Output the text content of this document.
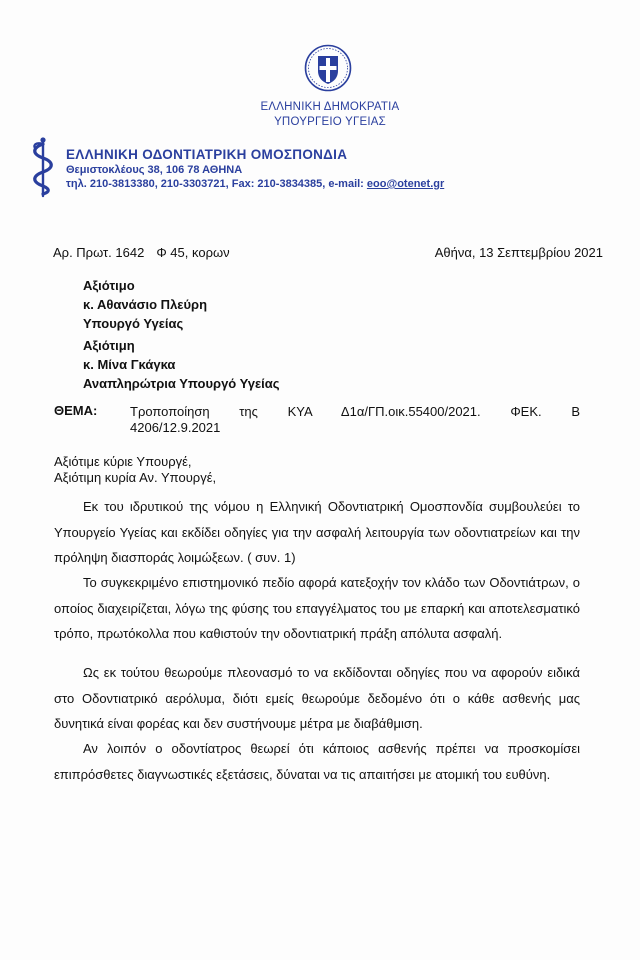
ΕΛΛΗΝΙΚΗ ΔΗΜΟΚΡΑΤΙΑ
ΥΠΟΥΡΓΕΙΟ ΥΓΕΙΑΣ
ΕΛΛΗΝΙΚΗ ΟΔΟΝΤΙΑΤΡΙΚΗ ΟΜΟΣΠΟΝΔΙΑ
Θεμιστοκλέους 38, 106 78 ΑΘΗΝΑ
τηλ. 210-3813380, 210-3303721, Fax: 210-3834385, e-mail: eoo@otenet.gr
Αρ. Πρωτ. 1642 Φ 45, κορων	Αθήνα, 13 Σεπτεμβρίου 2021
Αξιότιμο
κ. Αθανάσιο Πλεύρη
Υπουργό Υγείας
Αξιότιμη
κ. Μίνα Γκάγκα
Αναπληρώτρια Υπουργό Υγείας
ΘΕΜΑ:	Τροποποίηση της ΚΥΑ Δ1α/ΓΠ.οικ.55400/2021. ΦΕΚ. Β
4206/12.9.2021
Αξιότιμε κύριε Υπουργέ,
Αξιότιμη κυρία Αν. Υπουργέ,
Εκ του ιδρυτικού της νόμου η Ελληνική Οδοντιατρική Ομοσπονδία συμβουλεύει το Υπουργείο Υγείας και εκδίδει οδηγίες για την ασφαλή λειτουργία των οδοντιατρείων και την πρόληψη διασποράς λοιμώξεων. ( συν. 1)
Το συγκεκριμένο επιστημονικό πεδίο αφορά κατεξοχήν τον κλάδο των Οδοντιάτρων, ο οποίος διαχειρίζεται, λόγω της φύσης του επαγγέλματος του με επαρκή και αποτελεσματικό τρόπο, πρωτόκολλα που καθιστούν την οδοντιατρική πράξη απόλυτα ασφαλή.
Ως εκ τούτου θεωρούμε πλεονασμό το να εκδίδονται οδηγίες που να αφορούν ειδικά στο Οδοντιατρικό αερόλυμα, διότι εμείς θεωρούμε δεδομένο ότι ο κάθε ασθενής μας δυνητικά είναι φορέας και δεν συστήνουμε μέτρα με διαβάθμιση.
Αν λοιπόν ο οδοντίατρος θεωρεί ότι κάποιος ασθενής πρέπει να προσκομίσει επιπρόσθετες διαγνωστικές εξετάσεις, δύναται να τις απαιτήσει με ατομική του ευθύνη.
